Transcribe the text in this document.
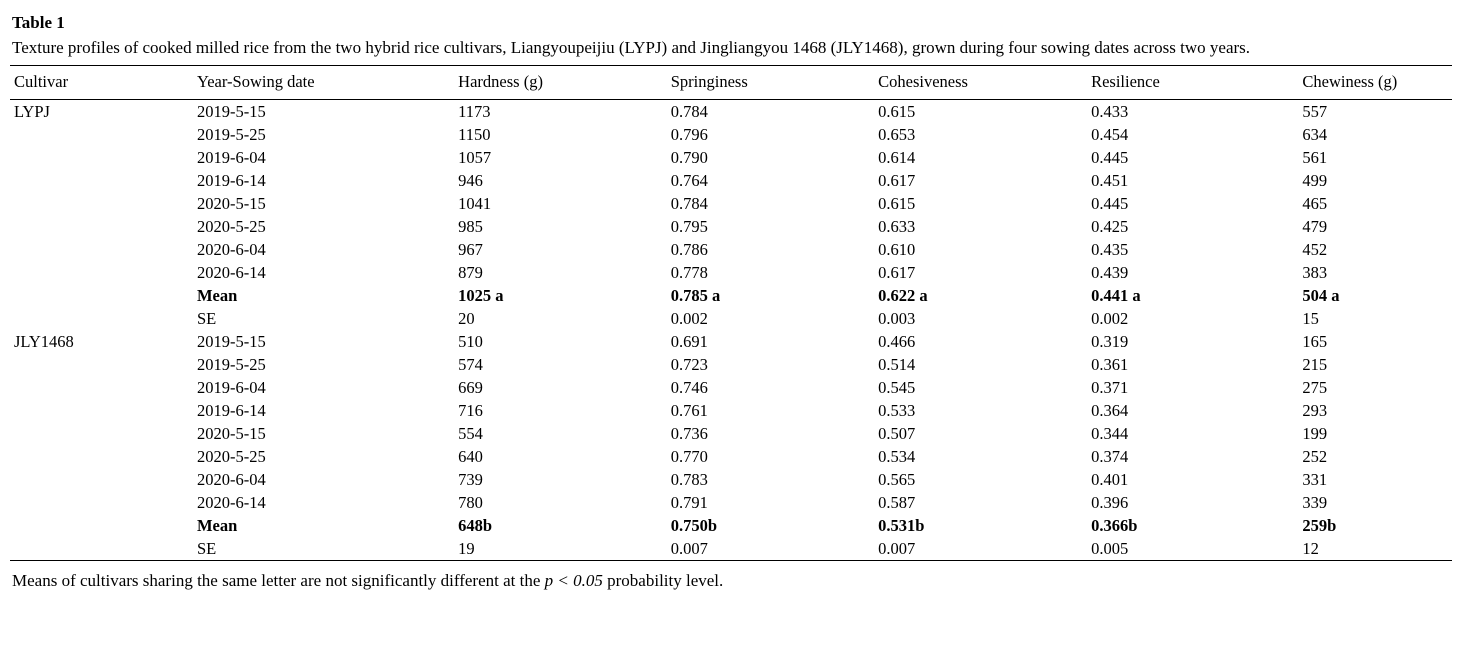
Table 1
Texture profiles of cooked milled rice from the two hybrid rice cultivars, Liangyoupeijiu (LYPJ) and Jingliangyou 1468 (JLY1468), grown during four sowing dates across two years.
Cultivar	Year-Sowing date	Hardness (g)	Springiness	Cohesiveness	Resilience	Chewiness (g)
LYPJ	2019-5-15	1173	0.784	0.615	0.433	557
	2019-5-25	1150	0.796	0.653	0.454	634
	2019-6-04	1057	0.790	0.614	0.445	561
	2019-6-14	946	0.764	0.617	0.451	499
	2020-5-15	1041	0.784	0.615	0.445	465
	2020-5-25	985	0.795	0.633	0.425	479
	2020-6-04	967	0.786	0.610	0.435	452
	2020-6-14	879	0.778	0.617	0.439	383
	Mean	1025 a	0.785 a	0.622 a	0.441 a	504 a
	SE	20	0.002	0.003	0.002	15
JLY1468	2019-5-15	510	0.691	0.466	0.319	165
	2019-5-25	574	0.723	0.514	0.361	215
	2019-6-04	669	0.746	0.545	0.371	275
	2019-6-14	716	0.761	0.533	0.364	293
	2020-5-15	554	0.736	0.507	0.344	199
	2020-5-25	640	0.770	0.534	0.374	252
	2020-6-04	739	0.783	0.565	0.401	331
	2020-6-14	780	0.791	0.587	0.396	339
	Mean	648b	0.750b	0.531b	0.366b	259b
	SE	19	0.007	0.007	0.005	12

Means of cultivars sharing the same letter are not significantly different at the p < 0.05 probability level.
